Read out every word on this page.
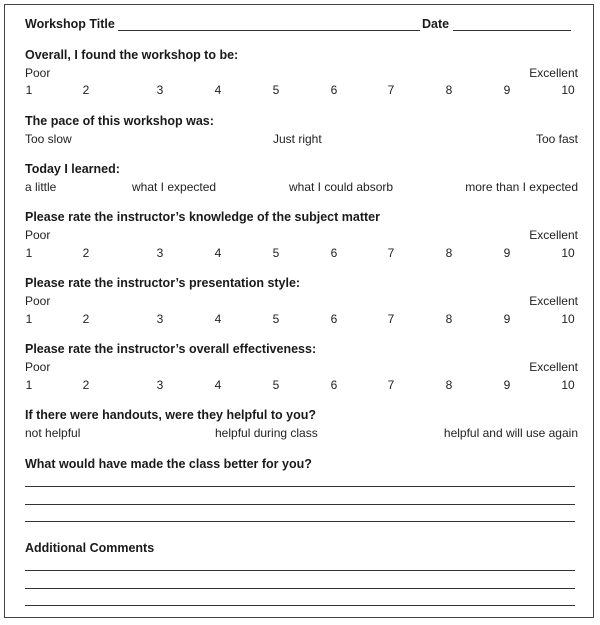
Workshop Title	Date
Overall, I found the workshop to be:
Poor	Excellent
The pace of this workshop was:
Too slow	Just right	Too fast
Today I learned:
a little	what I expected	what I could absorb	more than I expected
Please rate the instructor’s knowledge of the subject matter
Poor	Excellent
Please rate the instructor’s presentation style:
Poor	Excellent
Please rate the instructor’s overall effectiveness:
Poor	Excellent
If there were handouts, were they helpful to you?
not helpful	helpful during class	helpful and will use again
What would have made the class better for you?
Additional Comments
1	2	3	4	5	6	7	8	9	10
1	2	3	4	5	6	7	8	9	10
1	2	3	4	5	6	7	8	9	10
1	2	3	4	5	6	7	8	9	10
